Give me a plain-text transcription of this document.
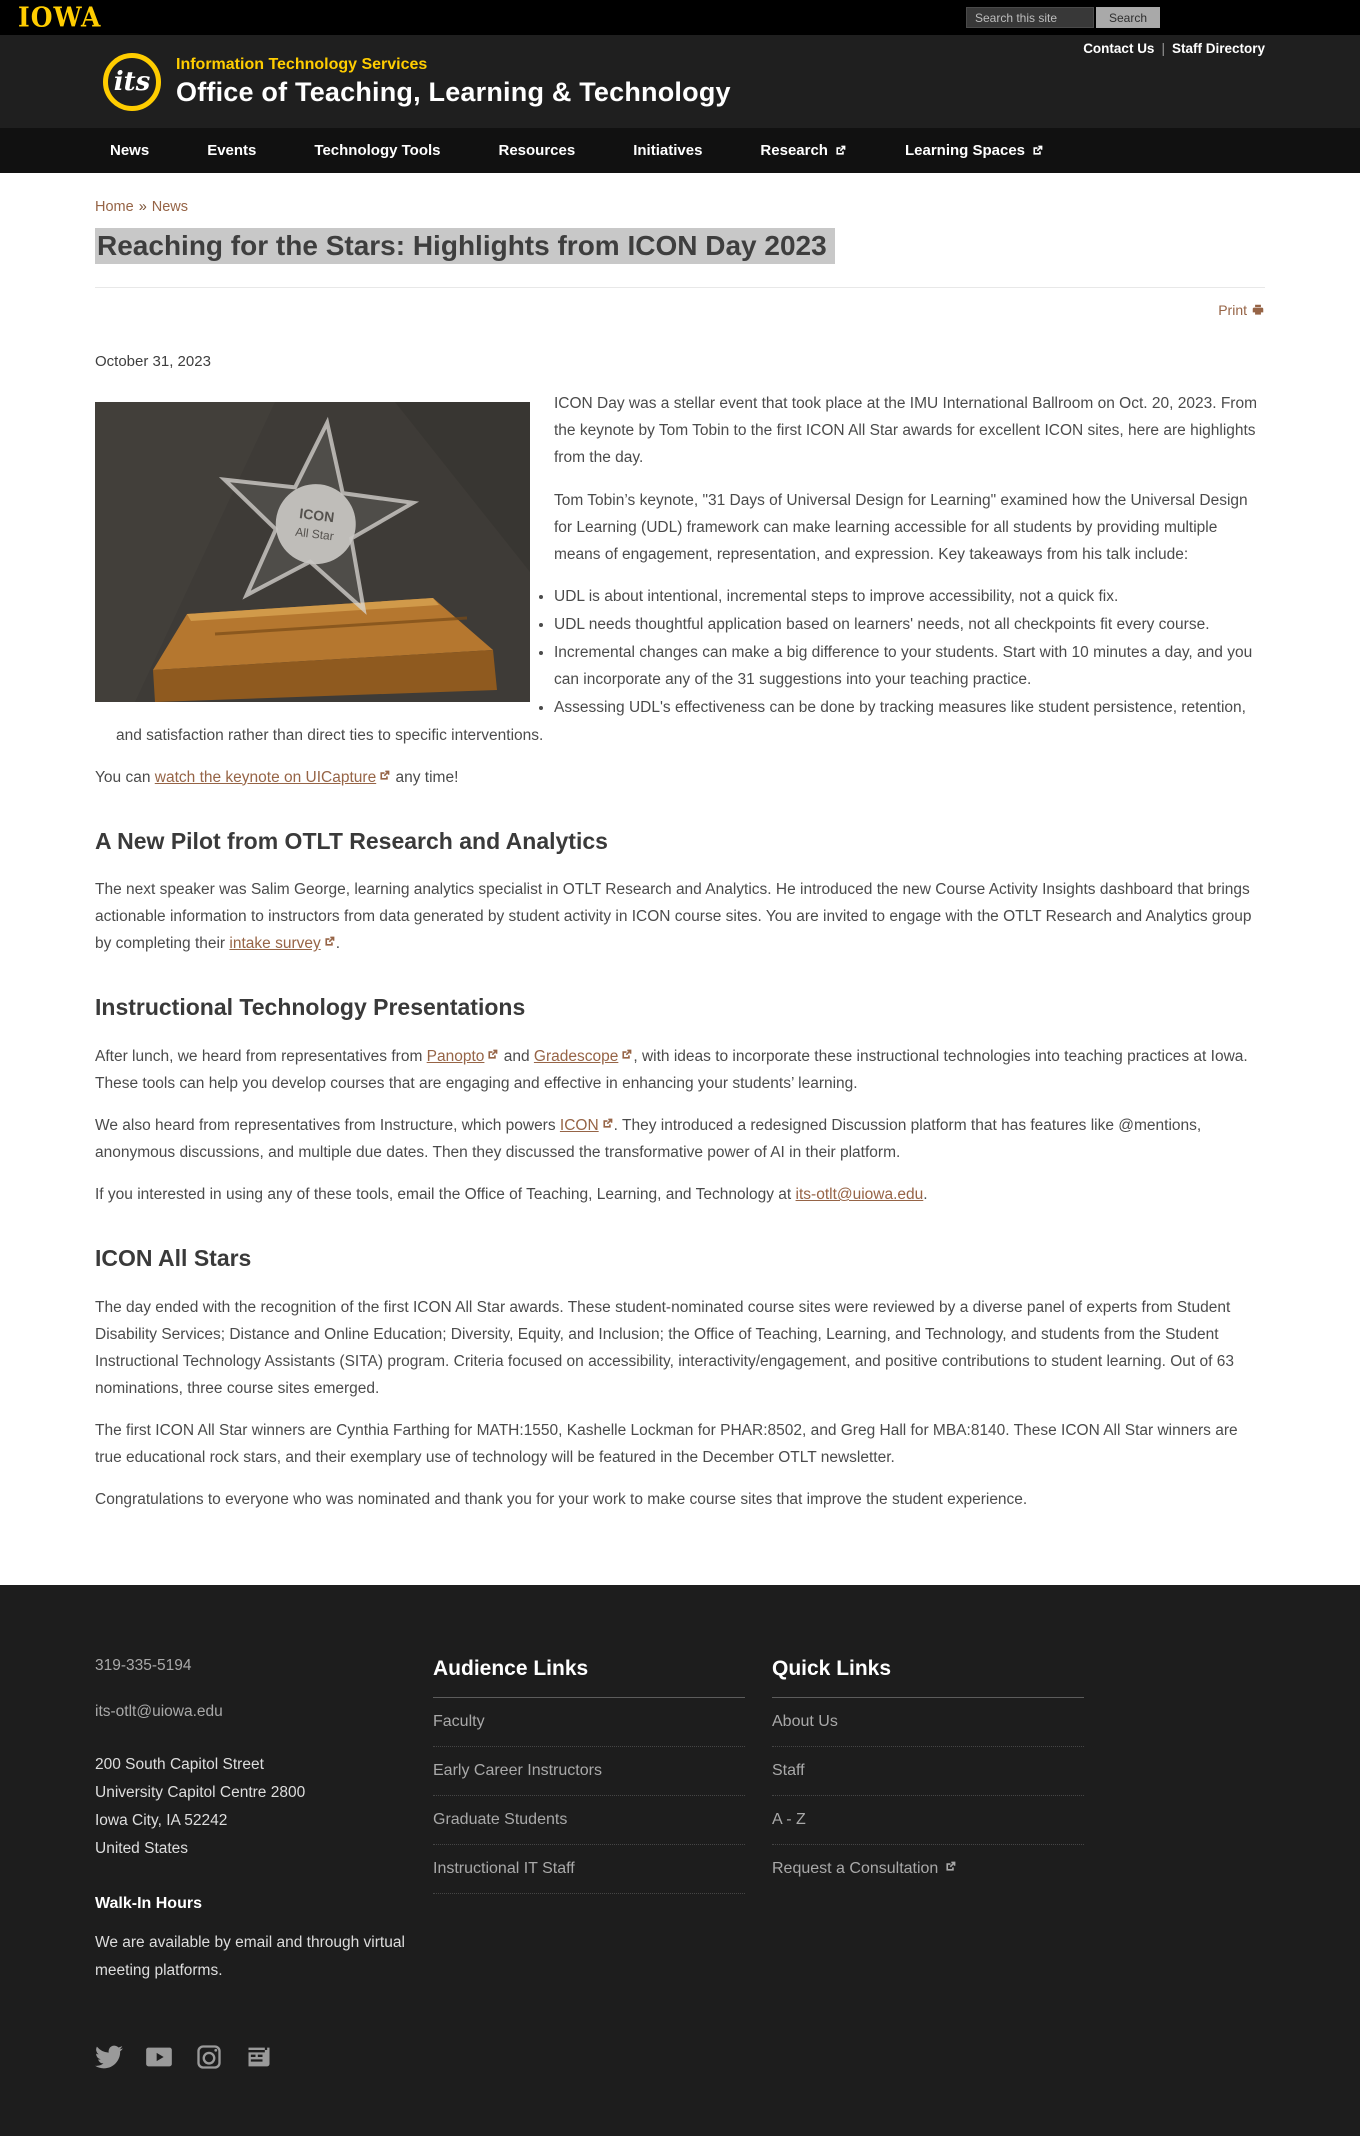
IOWA
Search this site	Search
its
Information Technology Services
Office of Teaching, Learning & Technology
Contact Us | Staff Directory
News	Events	Technology Tools	Resources	Initiatives	Research	Learning Spaces
Home » News
Reaching for the Stars: Highlights from ICON Day 2023
Print
October 31, 2023
ICON
All Star

ICON Day was a stellar event that took place at the IMU International Ballroom on Oct. 20, 2023. From the keynote by Tom Tobin to the first ICON All Star awards for excellent ICON sites, here are highlights from the day.

Tom Tobin’s keynote, "31 Days of Universal Design for Learning" examined how the Universal Design for Learning (UDL) framework can make learning accessible for all students by providing multiple means of engagement, representation, and expression. Key takeaways from his talk include:

• UDL is about intentional, incremental steps to improve accessibility, not a quick fix.
• UDL needs thoughtful application based on learners' needs, not all checkpoints fit every course.
• Incremental changes can make a big difference to your students. Start with 10 minutes a day, and you can incorporate any of the 31 suggestions into your teaching practice.
• Assessing UDL's effectiveness can be done by tracking measures like student persistence, retention, and satisfaction rather than direct ties to specific interventions.

You can watch the keynote on UICapture any time!

A New Pilot from OTLT Research and Analytics

The next speaker was Salim George, learning analytics specialist in OTLT Research and Analytics. He introduced the new Course Activity Insights dashboard that brings actionable information to instructors from data generated by student activity in ICON course sites. You are invited to engage with the OTLT Research and Analytics group by completing their intake survey .

Instructional Technology Presentations

After lunch, we heard from representatives from Panopto and Gradescope , with ideas to incorporate these instructional technologies into teaching practices at Iowa. These tools can help you develop courses that are engaging and effective in enhancing your students’ learning.

We also heard from representatives from Instructure, which powers ICON . They introduced a redesigned Discussion platform that has features like @mentions, anonymous discussions, and multiple due dates. Then they discussed the transformative power of AI in their platform.

If you interested in using any of these tools, email the Office of Teaching, Learning, and Technology at its-otlt@uiowa.edu.

ICON All Stars

The day ended with the recognition of the first ICON All Star awards. These student-nominated course sites were reviewed by a diverse panel of experts from Student Disability Services; Distance and Online Education; Diversity, Equity, and Inclusion; the Office of Teaching, Learning, and Technology, and students from the Student Instructional Technology Assistants (SITA) program. Criteria focused on accessibility, interactivity/engagement, and positive contributions to student learning. Out of 63 nominations, three course sites emerged.

The first ICON All Star winners are Cynthia Farthing for MATH:1550, Kashelle Lockman for PHAR:8502, and Greg Hall for MBA:8140. These ICON All Star winners are true educational rock stars, and their exemplary use of technology will be featured in the December OTLT newsletter.

Congratulations to everyone who was nominated and thank you for your work to make course sites that improve the student experience.

319-335-5194
its-otlt@uiowa.edu
200 South Capitol Street
University Capitol Centre 2800
Iowa City, IA 52242
United States
Walk-In Hours
We are available by email and through virtual meeting platforms.
Audience Links
Faculty
Early Career Instructors
Graduate Students
Instructional IT Staff
Quick Links
About Us
Staff
A - Z
Request a Consultation
